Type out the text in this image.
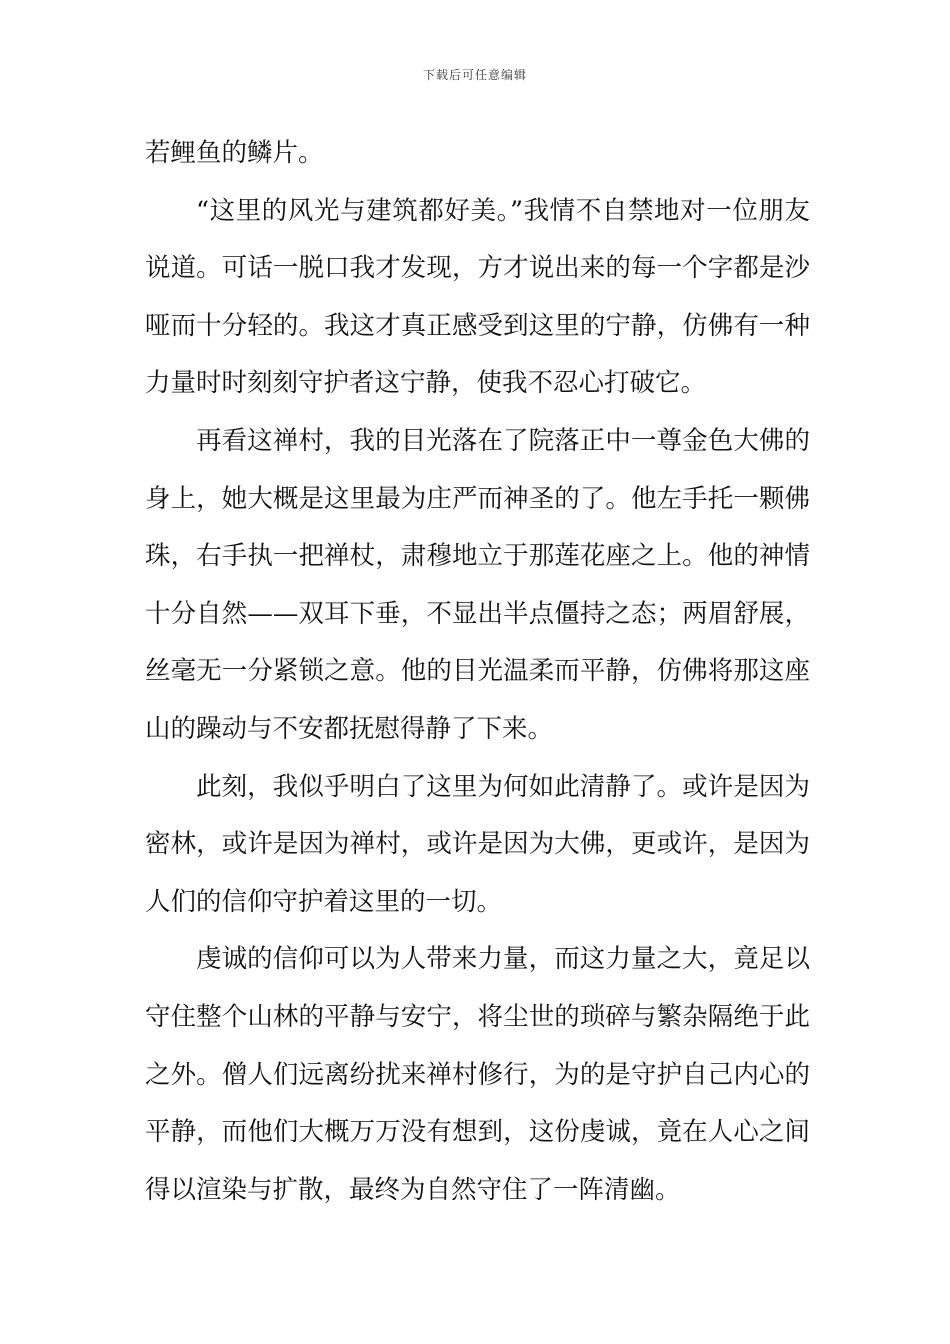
下载后可任意编辑

若鲤鱼的鳞片。

“这里的风光与建筑都好美。”我情不自禁地对一位朋友说道。可话一脱口我才发现，方才说出来的每一个字都是沙哑而十分轻的。我这才真正感受到这里的宁静，仿佛有一种力量时时刻刻守护者这宁静，使我不忍心打破它。

再看这禅村，我的目光落在了院落正中一尊金色大佛的身上，她大概是这里最为庄严而神圣的了。他左手托一颗佛珠，右手执一把禅杖，肃穆地立于那莲花座之上。他的神情十分自然——双耳下垂，不显出半点僵持之态；两眉舒展，丝毫无一分紧锁之意。他的目光温柔而平静，仿佛将那这座山的躁动与不安都抚慰得静了下来。

此刻，我似乎明白了这里为何如此清静了。或许是因为密林，或许是因为禅村，或许是因为大佛，更或许，是因为人们的信仰守护着这里的一切。

虔诚的信仰可以为人带来力量，而这力量之大，竟足以守住整个山林的平静与安宁，将尘世的琐碎与繁杂隔绝于此之外。僧人们远离纷扰来禅村修行，为的是守护自己内心的平静，而他们大概万万没有想到，这份虔诚，竟在人心之间得以渲染与扩散，最终为自然守住了一阵清幽。
